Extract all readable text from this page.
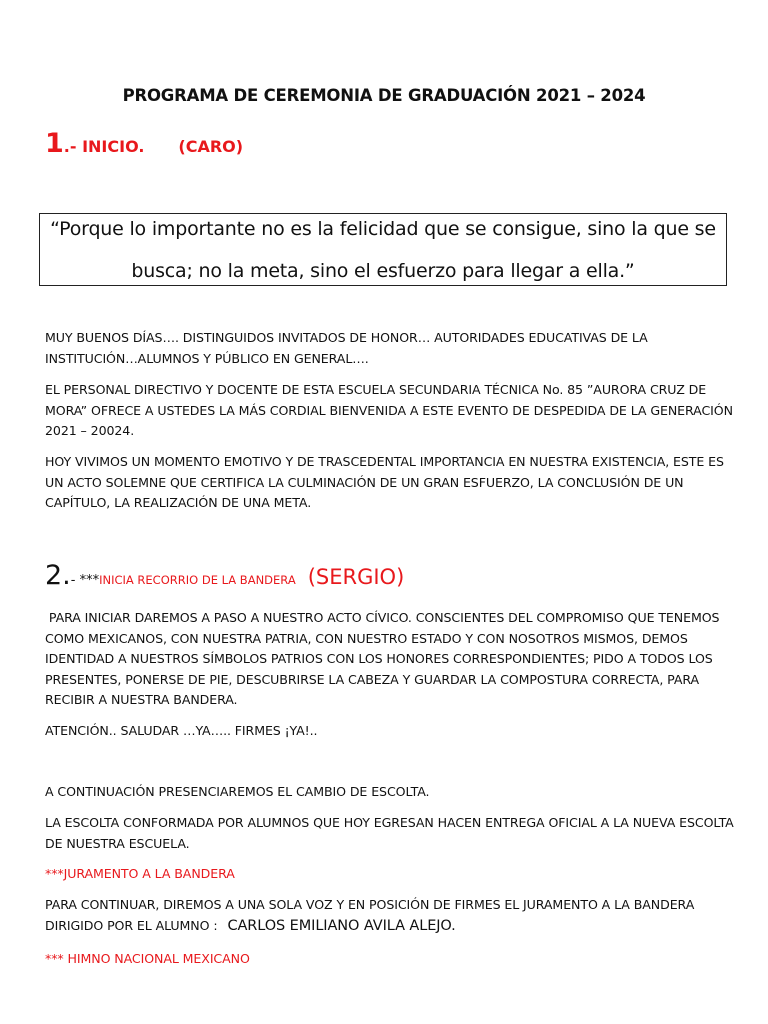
PROGRAMA DE CEREMONIA DE GRADUACIÓN 2021 – 2024
1.- INICIO. (CARO)
“Porque lo importante no es la felicidad que se consigue, sino la que se
busca; no la meta, sino el esfuerzo para llegar a ella.”
MUY BUENOS DÍAS…. DISTINGUIDOS INVITADOS DE HONOR… AUTORIDADES EDUCATIVAS DE LA
INSTITUCIÓN…ALUMNOS Y PÚBLICO EN GENERAL….
EL PERSONAL DIRECTIVO Y DOCENTE DE ESTA ESCUELA SECUNDARIA TÉCNICA No. 85 ”AURORA CRUZ DE
MORA” OFRECE A USTEDES LA MÁS CORDIAL BIENVENIDA A ESTE EVENTO DE DESPEDIDA DE LA GENERACIÓN
2021 – 20024.
HOY VIVIMOS UN MOMENTO EMOTIVO Y DE TRASCEDENTAL IMPORTANCIA EN NUESTRA EXISTENCIA, ESTE ES
UN ACTO SOLEMNE QUE CERTIFICA LA CULMINACIÓN DE UN GRAN ESFUERZO, LA CONCLUSIÓN DE UN
CAPÍTULO, LA REALIZACIÓN DE UNA META.
2.- ***INICIA RECORRIO DE LA BANDERA (SERGIO)
PARA INICIAR DAREMOS A PASO A NUESTRO ACTO CÍVICO. CONSCIENTES DEL COMPROMISO QUE TENEMOS
COMO MEXICANOS, CON NUESTRA PATRIA, CON NUESTRO ESTADO Y CON NOSOTROS MISMOS, DEMOS
IDENTIDAD A NUESTROS SÍMBOLOS PATRIOS CON LOS HONORES CORRESPONDIENTES; PIDO A TODOS LOS
PRESENTES, PONERSE DE PIE, DESCUBRIRSE LA CABEZA Y GUARDAR LA COMPOSTURA CORRECTA, PARA
RECIBIR A NUESTRA BANDERA.
ATENCIÓN.. SALUDAR …YA….. FIRMES ¡YA!..
A CONTINUACIÓN PRESENCIAREMOS EL CAMBIO DE ESCOLTA.
LA ESCOLTA CONFORMADA POR ALUMNOS QUE HOY EGRESAN HACEN ENTREGA OFICIAL A LA NUEVA ESCOLTA
DE NUESTRA ESCUELA.
***JURAMENTO A LA BANDERA
PARA CONTINUAR, DIREMOS A UNA SOLA VOZ Y EN POSICIÓN DE FIRMES EL JURAMENTO A LA BANDERA
DIRIGIDO POR EL ALUMNO : CARLOS EMILIANO AVILA ALEJO.
*** HIMNO NACIONAL MEXICANO
